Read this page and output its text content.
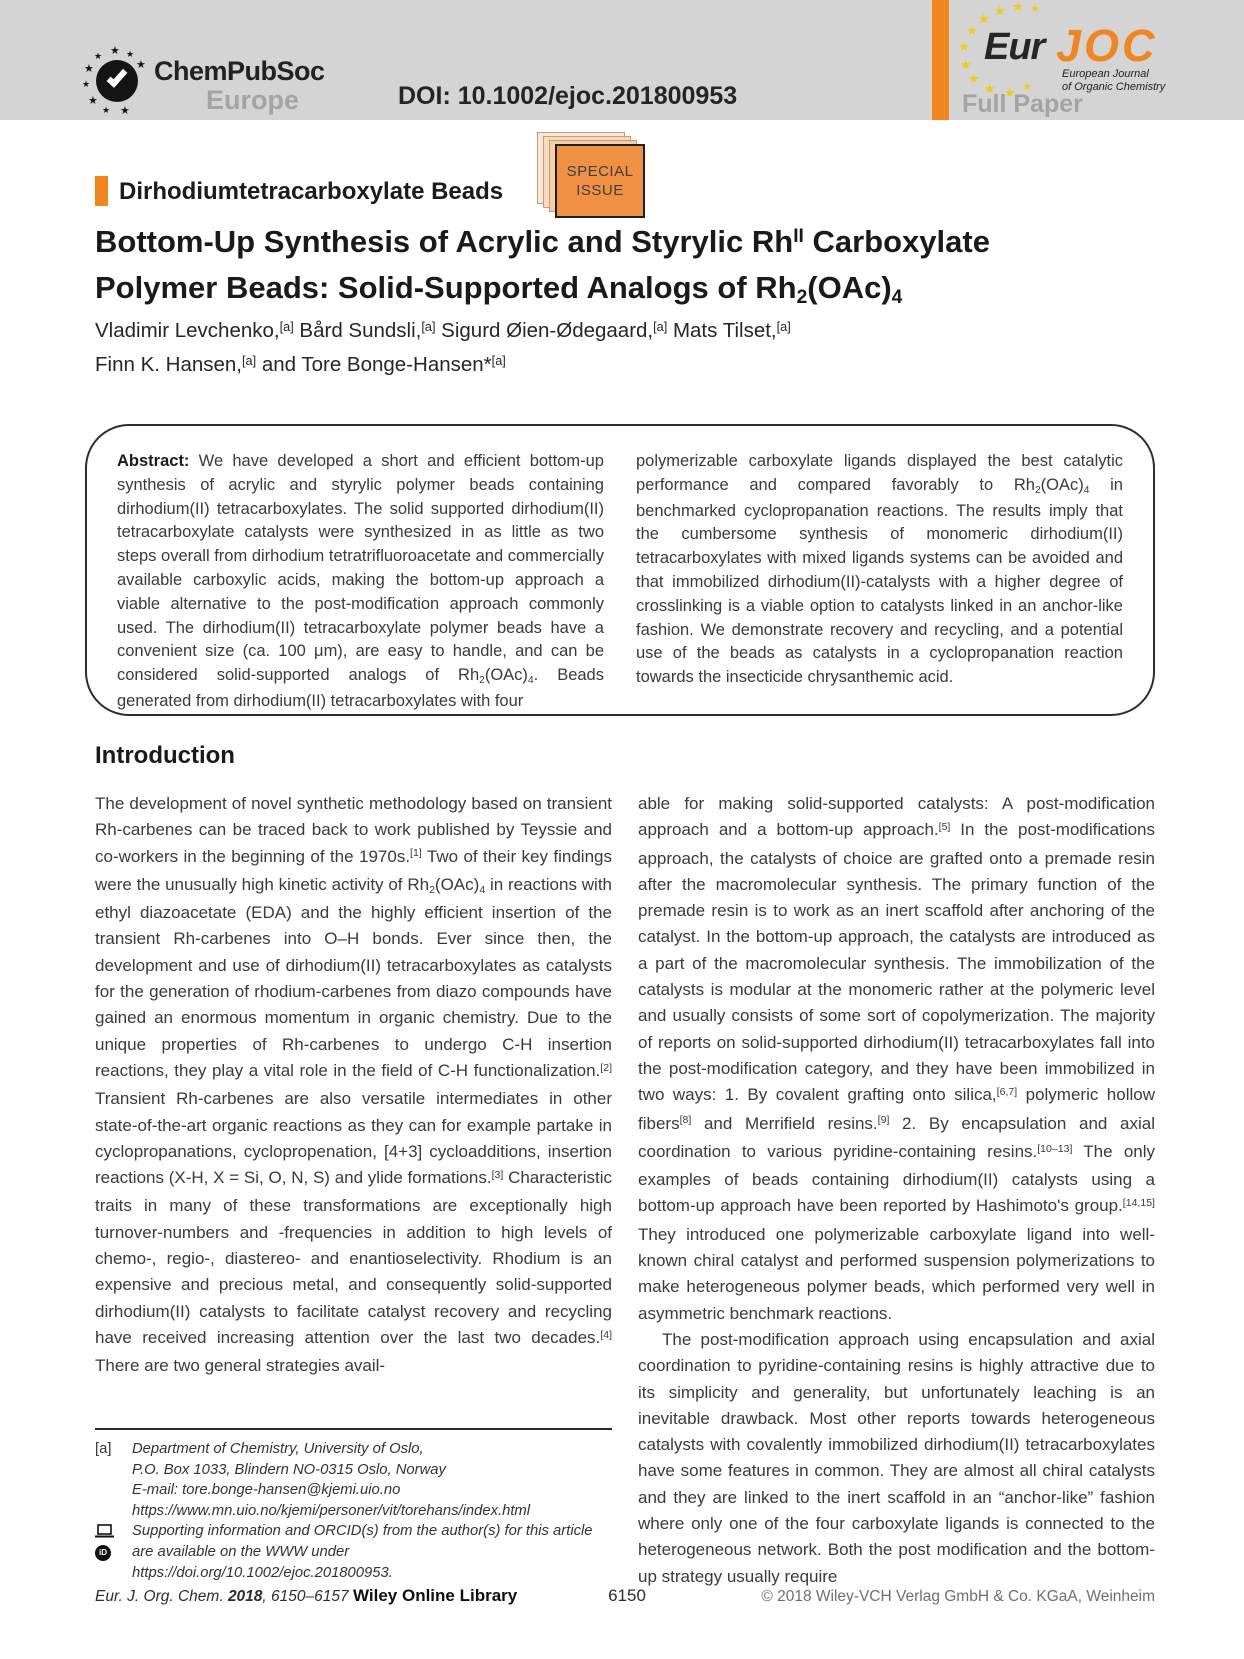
★
★
★
★
★
★
★
★
★
ChemPubSoc
Europe	DOI: 10.1002/ejoc.201800953
★
★
★
★
★
★
★
★
★
★
★
Eur JOC
European Journal
of Organic Chemistry
Full Paper
Dirhodiumtetracarboxylate Beads
SPECIAL
ISSUE
Bottom-Up Synthesis of Acrylic and Styrylic $Rh^{II}$ Carboxylate
Polymer Beads: Solid-Supported Analogs of $Rh_2(OAc)_4$
Vladimir Levchenko,[a] Bård Sundsli,[a] Sigurd Øien-Ødegaard,[a] Mats Tilset,[a]
Finn K. Hansen,[a] and Tore Bonge-Hansen*[a]
Abstract: We have developed a short and efficient bottom-up synthesis of acrylic and styrylic polymer beads containing dirhodium(II) tetracarboxylates. The solid supported dirhodium(II) tetracarboxylate catalysts were synthesized in as little as two steps overall from dirhodium tetratrifluoroacetate and commercially available carboxylic acids, making the bottom-up approach a viable alternative to the post-modification approach commonly used. The dirhodium(II) tetracarboxylate polymer beads have a convenient size (ca. 100 μm), are easy to handle, and can be considered solid-supported analogs of $Rh_2(OAc)_4$. Beads generated from dirhodium(II) tetracarboxylates with four
polymerizable carboxylate ligands displayed the best catalytic performance and compared favorably to $Rh_2(OAc)_4$ in benchmarked cyclopropanation reactions. The results imply that the cumbersome synthesis of monomeric dirhodium(II) tetracarboxylates with mixed ligands systems can be avoided and that immobilized dirhodium(II)-catalysts with a higher degree of crosslinking is a viable option to catalysts linked in an anchor-like fashion. We demonstrate recovery and recycling, and a potential use of the beads as catalysts in a cyclopropanation reaction towards the insecticide chrysanthemic acid.
Introduction

The development of novel synthetic methodology based on transient Rh-carbenes can be traced back to work published by Teyssie and co-workers in the beginning of the 1970s.[1] Two of their key findings were the unusually high kinetic activity of $Rh_2(OAc)_4$ in reactions with ethyl diazoacetate (EDA) and the highly efficient insertion of the transient Rh-carbenes into O–H bonds. Ever since then, the development and use of dirhodium(II) tetracarboxylates as catalysts for the generation of rhodium-carbenes from diazo compounds have gained an enormous momentum in organic chemistry. Due to the unique properties of Rh-carbenes to undergo C-H insertion reactions, they play a vital role in the field of C-H functionalization.[2] Transient Rh-carbenes are also versatile intermediates in other state-of-the-art organic reactions as they can for example partake in cyclopropanations, cyclopropenation, [4+3] cycloadditions, insertion reactions (X-H, X = Si, O, N, S) and ylide formations.[3] Characteristic traits in many of these transformations are exceptionally high turnover-numbers and -frequencies in addition to high levels of chemo-, regio-, diastereo- and enantioselectivity. Rhodium is an expensive and precious metal, and consequently solid-supported dirhodium(II) catalysts to facilitate catalyst recovery and recycling have received increasing attention over the last two decades.[4] There are two general strategies avail-

able for making solid-supported catalysts: A post-modification approach and a bottom-up approach.[5] In the post-modifications approach, the catalysts of choice are grafted onto a premade resin after the macromolecular synthesis. The primary function of the premade resin is to work as an inert scaffold after anchoring of the catalyst. In the bottom-up approach, the catalysts are introduced as a part of the macromolecular synthesis. The immobilization of the catalysts is modular at the monomeric rather at the polymeric level and usually consists of some sort of copolymerization. The majority of reports on solid-supported dirhodium(II) tetracarboxylates fall into the post-modification category, and they have been immobilized in two ways: 1. By covalent grafting onto silica,[6,7] polymeric hollow fibers[8] and Merrifield resins.[9] 2. By encapsulation and axial coordination to various pyridine-containing resins.[10–13] The only examples of beads containing dirhodium(II) catalysts using a bottom-up approach have been reported by Hashimoto's group.[14,15] They introduced one polymerizable carboxylate ligand into well-known chiral catalyst and performed suspension polymerizations to make heterogeneous polymer beads, which performed very well in asymmetric benchmark reactions.

The post-modification approach using encapsulation and axial coordination to pyridine-containing resins is highly attractive due to its simplicity and generality, but unfortunately leaching is an inevitable drawback. Most other reports towards heterogeneous catalysts with covalently immobilized dirhodium(II) tetracarboxylates have some features in common. They are almost all chiral catalysts and they are linked to the inert scaffold in an “anchor-like” fashion where only one of the four carboxylate ligands is connected to the heterogeneous network. Both the post modification and the bottom-up strategy usually require

[a]	Department of Chemistry, University of Oslo,
P.O. Box 1033, Blindern NO-0315 Oslo, Norway
E-mail: tore.bonge-hansen@kjemi.uio.no
https://www.mn.uio.no/kjemi/personer/vit/torehans/index.html
iD
Supporting information and ORCID(s) from the author(s) for this article are available on the WWW under https://doi.org/10.1002/ejoc.201800953.
Eur. J. Org. Chem. 2018, 6150–6157 Wiley Online Library	6150	© 2018 Wiley-VCH Verlag GmbH & Co. KGaA, Weinheim
